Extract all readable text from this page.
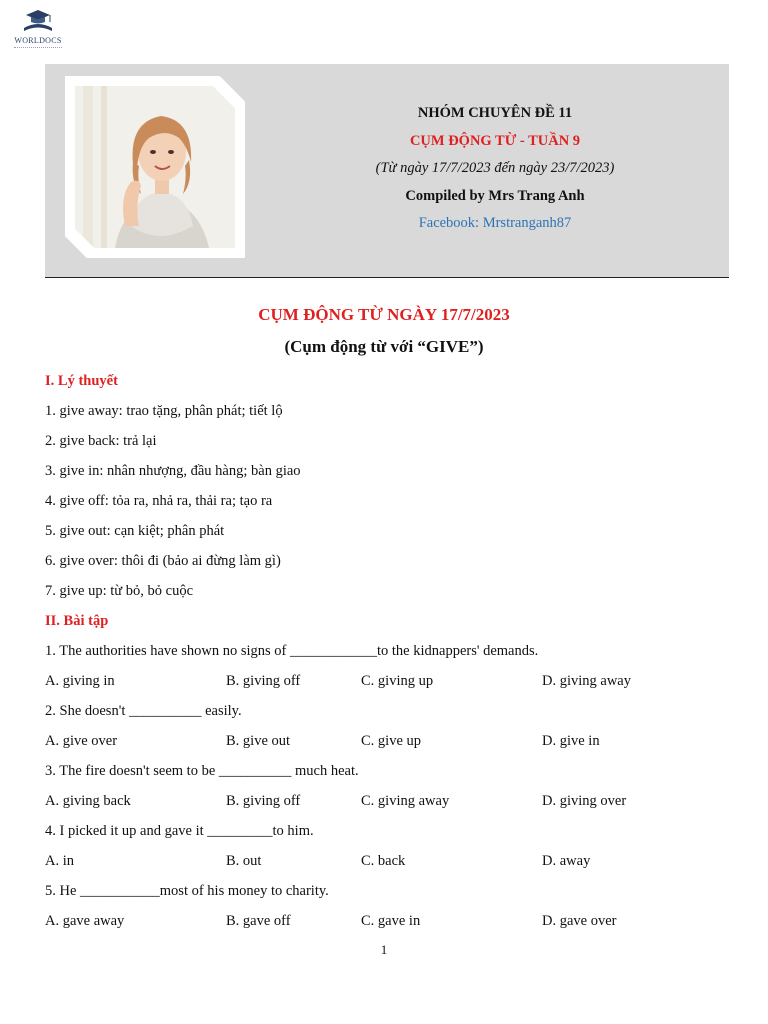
WORLDOCS
NHÓM CHUYÊN ĐỀ 11
CỤM ĐỘNG TỪ - TUẦN 9
(Từ ngày 17/7/2023 đến ngày 23/7/2023)
Compiled by Mrs Trang Anh
Facebook: Mrstranganh87
CỤM ĐỘNG TỪ NGÀY 17/7/2023
(Cụm động từ với “GIVE”)
I. Lý thuyết
1. give away: trao tặng, phân phát; tiết lộ
2. give back: trả lại
3. give in: nhân nhượng, đầu hàng; bàn giao
4. give off: tỏa ra, nhả ra, thải ra; tạo ra
5. give out: cạn kiệt; phân phát
6. give over: thôi đi (bảo ai đừng làm gì)
7. give up: từ bỏ, bỏ cuộc
II. Bài tập
1. The authorities have shown no signs of ____________to the kidnappers' demands.
A. giving in	B. giving off	C. giving up	D. giving away
2. She doesn't __________ easily.
A. give over	B. give out	C. give up	D. give in
3. The fire doesn't seem to be __________ much heat.
A. giving back	B. giving off	C. giving away	D. giving over
4. I picked it up and gave it _________to him.
A. in	B. out	C. back	D. away
5. He ___________most of his money to charity.
A. gave away	B. gave off	C. gave in	D. gave over
1
